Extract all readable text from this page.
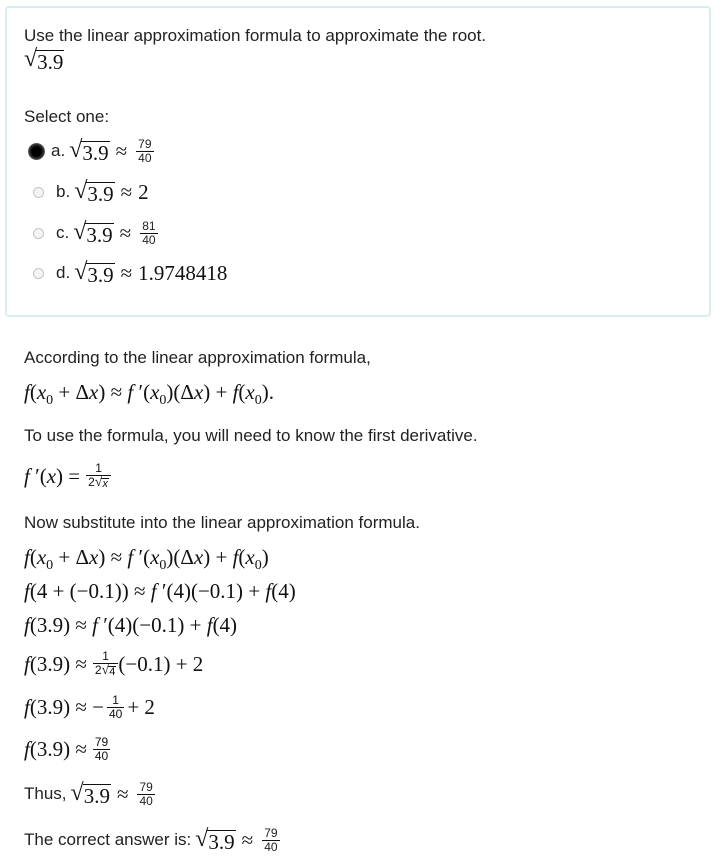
Use the linear approximation formula to approximate the root.
√ 3.9
Select one:
a. √ $3.9 \approx \frac{79}{40}$
b. √ 3.9 ≈ 2
c. √ $3.9 \approx \frac{81}{40}$
d. √ 3.9 ≈ 1.9748418
According to the linear approximation formula,
$f(x_0 + \Delta x) \approx f$ $'(x_0)(\Delta x) + f(x_0)$.
To use the formula, you will need to know the first derivative.
f $'(x) = \frac{1}{2 √ x}$
Now substitute into the linear approximation formula.
$f(x_0 + \Delta x) \approx f$ $'(x_0)(\Delta x) + f(x_0)$
f(4 + (−0.1)) ≈ f ′(4)(−0.1) + f(4)
f(3.9) ≈ f ′(4)(−0.1) + f(4)
$f(3.9) \approx \frac{1}{2 √ 4} (-0.1) + 2$
f(3.9) ≈ − $\frac{1}{40} + 2$
$f(3.9) \approx \frac{79}{40}$
Thus, √ $3.9 \approx \frac{79}{40}$
The correct answer is: √ $3.9 \approx \frac{79}{40}$
